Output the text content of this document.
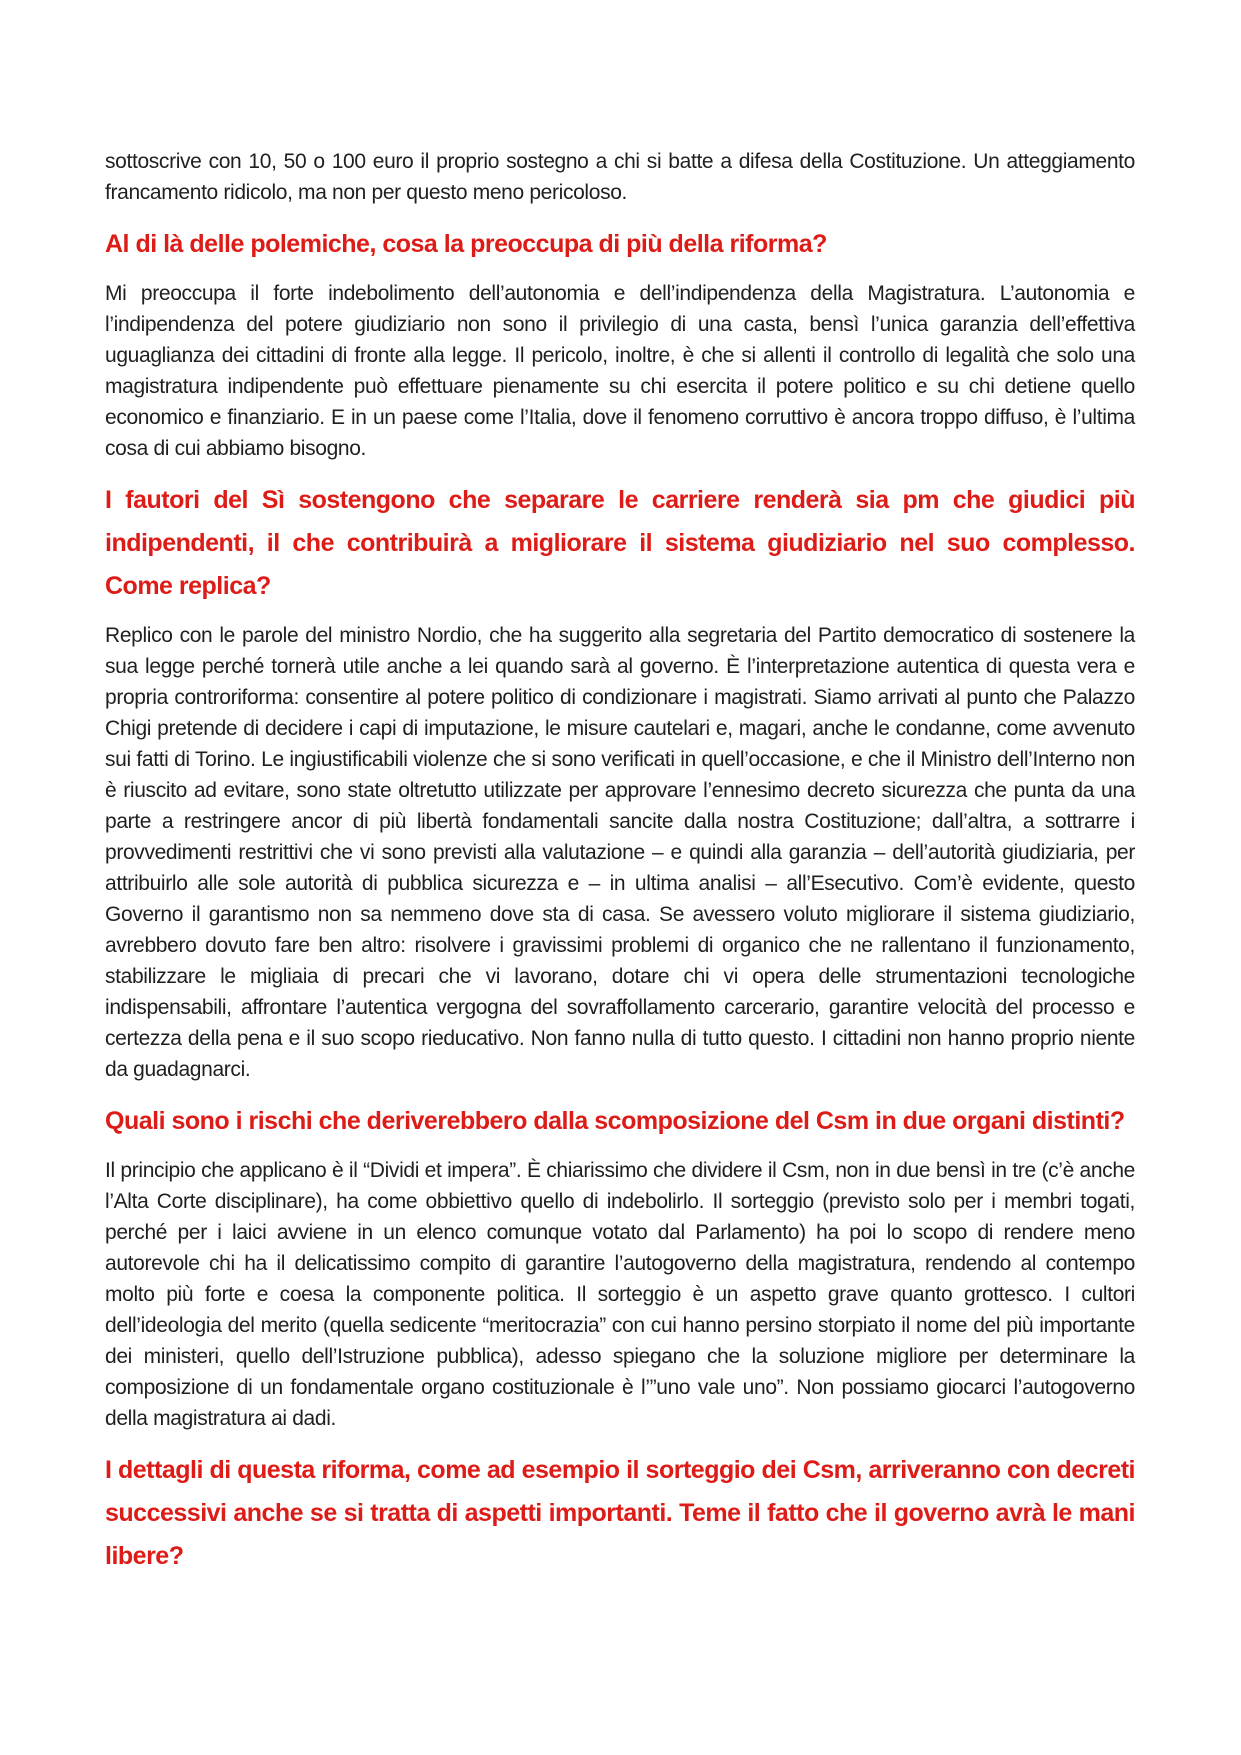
sottoscrive con 10, 50 o 100 euro il proprio sostegno a chi si batte a difesa della Costituzione. Un atteggiamento francamento ridicolo, ma non per questo meno pericoloso.

Al di là delle polemiche, cosa la preoccupa di più della riforma?

Mi preoccupa il forte indebolimento dell’autonomia e dell’indipendenza della Magistratura. L’autonomia e l’indipendenza del potere giudiziario non sono il privilegio di una casta, bensì l’unica garanzia dell’effettiva uguaglianza dei cittadini di fronte alla legge. Il pericolo, inoltre, è che si allenti il controllo di legalità che solo una magistratura indipendente può effettuare pienamente su chi esercita il potere politico e su chi detiene quello economico e finanziario. E in un paese come l’Italia, dove il fenomeno corruttivo è ancora troppo diffuso, è l’ultima cosa di cui abbiamo bisogno.

I fautori del Sì sostengono che separare le carriere renderà sia pm che giudici più indipendenti, il che contribuirà a migliorare il sistema giudiziario nel suo complesso. Come replica?

Replico con le parole del ministro Nordio, che ha suggerito alla segretaria del Partito democratico di sostenere la sua legge perché tornerà utile anche a lei quando sarà al governo. È l’interpretazione autentica di questa vera e propria controriforma: consentire al potere politico di condizionare i magistrati. Siamo arrivati al punto che Palazzo Chigi pretende di decidere i capi di imputazione, le misure cautelari e, magari, anche le condanne, come avvenuto sui fatti di Torino. Le ingiustificabili violenze che si sono verificati in quell’occasione, e che il Ministro dell’Interno non è riuscito ad evitare, sono state oltretutto utilizzate per approvare l’ennesimo decreto sicurezza che punta da una parte a restringere ancor di più libertà fondamentali sancite dalla nostra Costituzione; dall’altra, a sottrarre i provvedimenti restrittivi che vi sono previsti alla valutazione – e quindi alla garanzia – dell’autorità giudiziaria, per attribuirlo alle sole autorità di pubblica sicurezza e – in ultima analisi – all’Esecutivo. Com’è evidente, questo Governo il garantismo non sa nemmeno dove sta di casa. Se avessero voluto migliorare il sistema giudiziario, avrebbero dovuto fare ben altro: risolvere i gravissimi problemi di organico che ne rallentano il funzionamento, stabilizzare le migliaia di precari che vi lavorano, dotare chi vi opera delle strumentazioni tecnologiche indispensabili, affrontare l’autentica vergogna del sovraffollamento carcerario, garantire velocità del processo e certezza della pena e il suo scopo rieducativo. Non fanno nulla di tutto questo. I cittadini non hanno proprio niente da guadagnarci.

Quali sono i rischi che deriverebbero dalla scomposizione del Csm in due organi distinti?

Il principio che applicano è il “Dividi et impera”. È chiarissimo che dividere il Csm, non in due bensì in tre (c’è anche l’Alta Corte disciplinare), ha come obbiettivo quello di indebolirlo. Il sorteggio (previsto solo per i membri togati, perché per i laici avviene in un elenco comunque votato dal Parlamento) ha poi lo scopo di rendere meno autorevole chi ha il delicatissimo compito di garantire l’autogoverno della magistratura, rendendo al contempo molto più forte e coesa la componente politica. Il sorteggio è un aspetto grave quanto grottesco. I cultori dell’ideologia del merito (quella sedicente “meritocrazia” con cui hanno persino storpiato il nome del più importante dei ministeri, quello dell’Istruzione pubblica), adesso spiegano che la soluzione migliore per determinare la composizione di un fondamentale organo costituzionale è l’”uno vale uno”. Non possiamo giocarci l’autogoverno della magistratura ai dadi.

I dettagli di questa riforma, come ad esempio il sorteggio dei Csm, arriveranno con decreti successivi anche se si tratta di aspetti importanti. Teme il fatto che il governo avrà le mani libere?
